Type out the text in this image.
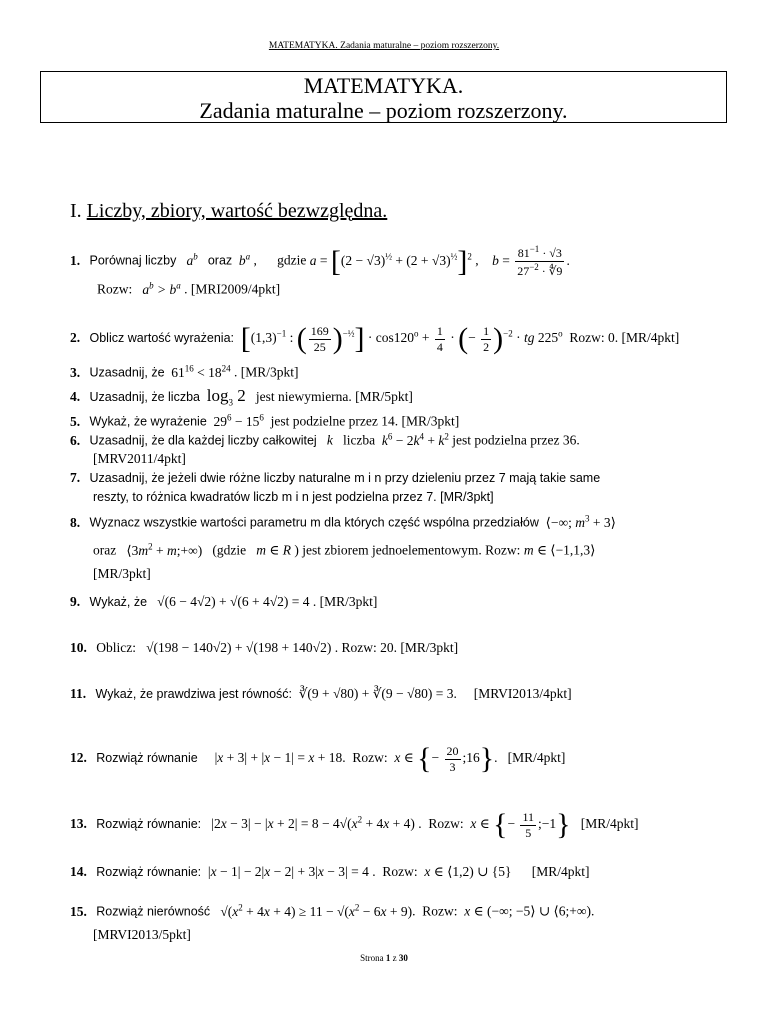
MATEMATYKA. Zadania maturalne – poziom rozszerzony.
MATEMATYKA.
Zadania maturalne – poziom rozszerzony.
I. Liczby, zbiory, wartość bezwzględna.
1. Porównaj liczby $a^b$ oraz $b^a$ ,      gdzie $a = [(2 - √3)^{\frac{1}{2}} + (2 + √3)^{\frac{1}{2}}]^2$ ,    $b = \frac{81^{-1} \cdot √3}{27^{-2} \cdot ∜9}$ .
Rozw: $a^b > b^a$ . [MRI2009/4pkt]
2. Oblicz wartość wyrażenia: [$(1,3)^{-1}$ : ( $\frac{169}{25} )^{-\frac{1}{2}}] \cdot \cos 120^o + \frac{1}{4}$ · (− $\frac{1}{2} )^{-2}$ · tg 225$^o$ Rozw: 0. [MR/4pkt]
3. Uzasadnij, że $61^{16} < 18^{24}$ . [MR/3pkt]
4. Uzasadnij, że liczba $\log_3 2$ jest niewymierna. [MR/5pkt]
5. Wykaż, że wyrażenie $29^6 - 15^6$ jest podzielne przez 14. [MR/3pkt]
6. Uzasadnij, że dla każdej liczby całkowitej k liczba $k^6 - 2k^4 + k^2$ jest podzielna przez 36.
[MRV2011/4pkt]
7. Uzasadnij, że jeżeli dwie różne liczby naturalne m i n przy dzieleniu przez 7 mają takie same
reszty, to różnica kwadratów liczb m i n jest podzielna przez 7. [MR/3pkt]
8. Wyznacz wszystkie wartości parametru m dla których część wspólna przedziałów ⟨−∞; $m^3$ + 3⟩
oraz $⟨3m^2$ + m;+∞) (gdzie m ∈ R ) jest zbiorem jednoelementowym. Rozw: m ∈ ⟨−1,1,3⟩
[MR/3pkt]
9. Wykaż, że √(6 − 4√2) + √(6 + 4√2) = 4 . [MR/3pkt]
10. Oblicz: √(198 − 140√2) + √(198 + 140√2) . Rozw: 20. [MR/3pkt]
11. Wykaż, że prawdziwa jest równość: ∛(9 + √80) + ∛(9 − √80) = 3. [MRVI2013/4pkt]
12. Rozwiąż równanie |x + 3| + |x − 1| = x + 18. Rozw: x ∈ {− $\frac{20}{3}$ ;16}. [MR/4pkt]
13. Rozwiąż równanie: $|2x - 3| - |x + 2| = 8 - 4√(x^2 + 4x + 4)$ .  Rozw: x ∈ {− $\frac{11}{5}$ ;−1} [MR/4pkt]
14. Rozwiąż równanie: |x − 1| − 2|x − 2| + 3|x − 3| = 4 .  Rozw: x ∈ ⟨1,2) ∪ {5} [MR/4pkt]
15. Rozwiąż nierówność $√(x^2 + 4x + 4) \ge 11 - √(x^2 - 6x + 9)$.  Rozw: x ∈ (−∞; −5⟩ ∪ ⟨6;+∞).
[MRVI2013/5pkt]
Strona 1 z 30
